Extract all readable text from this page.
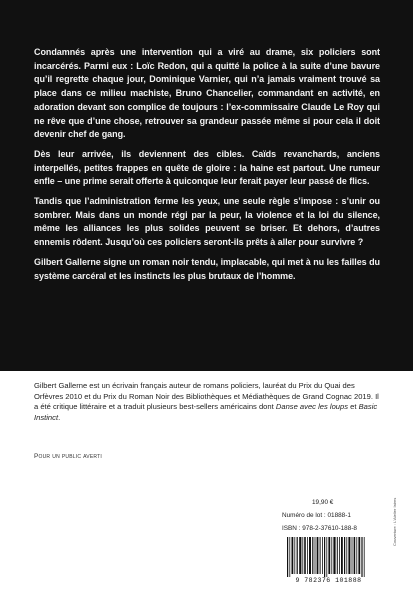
Condamnés après une intervention qui a viré au drame, six policiers sont incarcérés. Parmi eux : Loïc Redon, qui a quitté la police à la suite d’une bavure qu’il regrette chaque jour, Dominique Varnier, qui n’a jamais vraiment trouvé sa place dans ce milieu machiste, Bruno Chancelier, commandant en activité, en adoration devant son complice de toujours : l’ex-commissaire Claude Le Roy qui ne rêve que d’une chose, retrouver sa grandeur passée même si pour cela il doit devenir chef de gang.

Dès leur arrivée, ils deviennent des cibles. Caïds revanchards, anciens interpellés, petites frappes en quête de gloire : la haine est partout. Une rumeur enfle – une prime serait offerte à quiconque leur ferait payer leur passé de flics.

Tandis que l’administration ferme les yeux, une seule règle s’impose : s’unir ou sombrer. Mais dans un monde régi par la peur, la violence et la loi du silence, même les alliances les plus solides peuvent se briser. Et dehors, d’autres ennemis rôdent. Jusqu’où ces policiers seront-ils prêts à aller pour survivre ?

Gilbert Gallerne signe un roman noir tendu, implacable, qui met à nu les failles du système carcéral et les instincts les plus brutaux de l’homme.

Gilbert Gallerne est un écrivain français auteur de romans policiers, lauréat du Prix du Quai des Orfèvres 2010 et du Prix du Roman Noir des Bibliothèques et Médiathèques de Grand Cognac 2019. Il a été critique littéraire et a traduit plusieurs best-sellers américains dont Danse avec les loups et Basic Instinct.
Pour un public averti
19,90 €
Numéro de lot : 01888-1
ISBN : 978-2-37610-188-8
9 782376 101888
Couverture : L’Atelier Istres
